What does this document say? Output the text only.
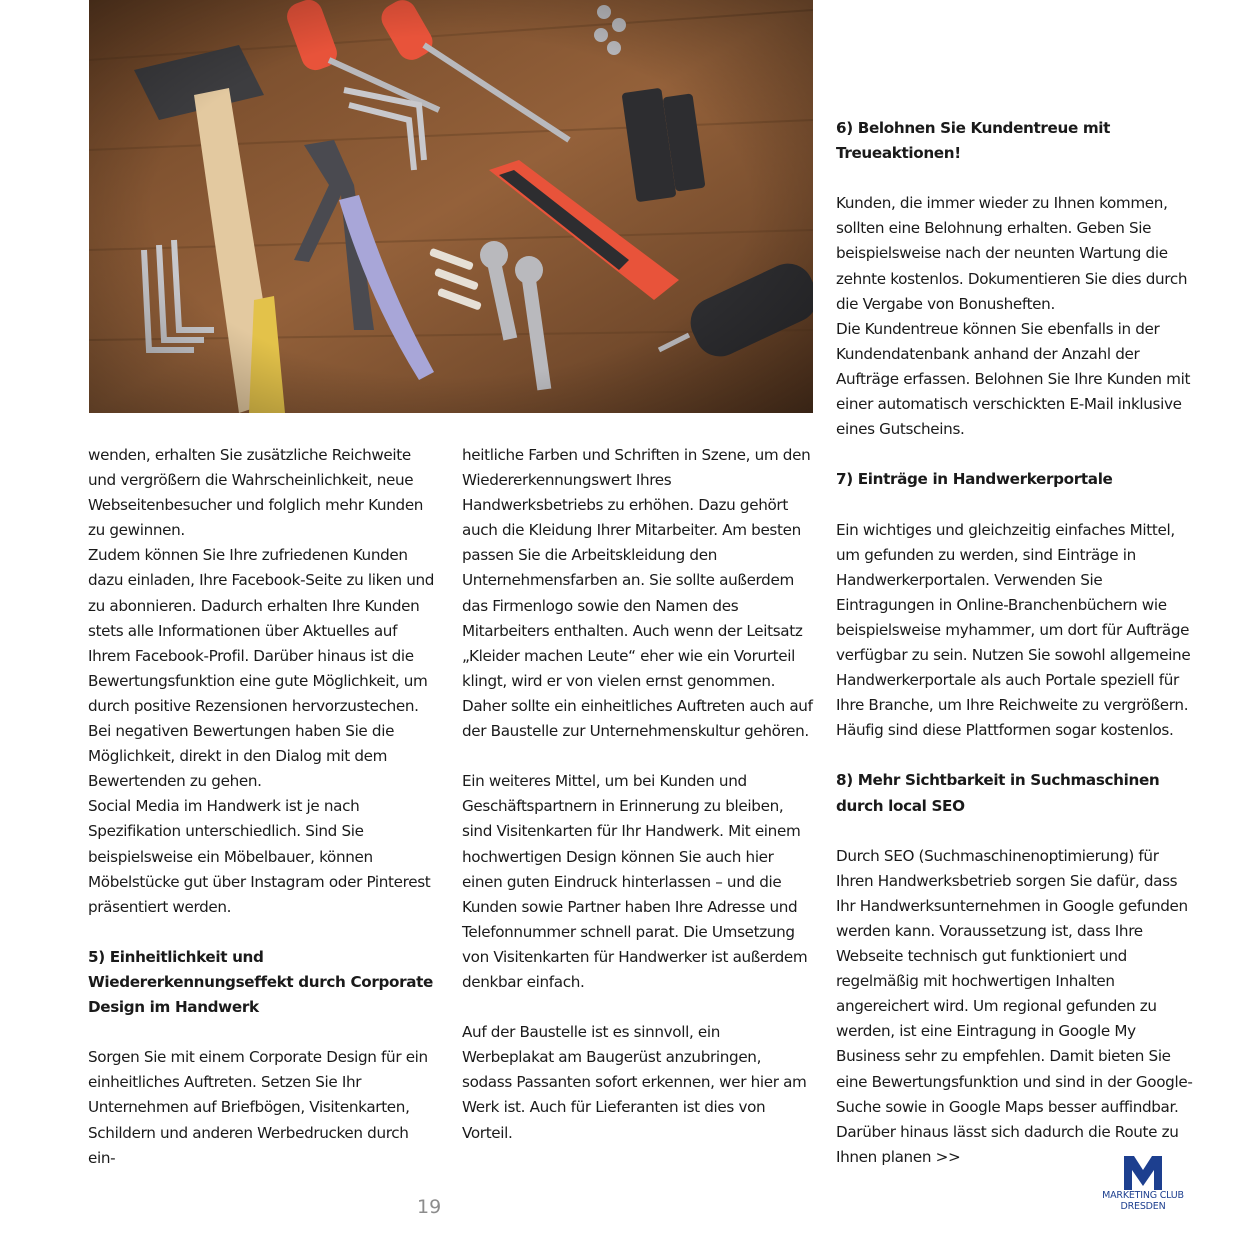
wenden, erhalten Sie zusätzliche Reichweite und vergrößern die Wahrscheinlichkeit, neue Webseitenbesucher und folglich mehr Kunden zu gewinnen.

Zudem können Sie Ihre zufriedenen Kunden dazu einladen, Ihre Facebook-Seite zu liken und zu abonnieren. Dadurch erhalten Ihre Kunden stets alle Informationen über Aktuelles auf Ihrem Facebook-Profil. Darüber hinaus ist die Bewertungsfunktion eine gute Möglichkeit, um durch positive Rezensionen hervorzustechen. Bei negativen Bewertungen haben Sie die Möglichkeit, direkt in den Dialog mit dem Bewertenden zu gehen.

Social Media im Handwerk ist je nach Spezifikation unterschiedlich. Sind Sie beispielsweise ein Möbelbauer, können Möbelstücke gut über Instagram oder Pinterest präsentiert werden.

5) Einheitlichkeit und Wiedererkennungseffekt durch Corporate Design im Handwerk

Sorgen Sie mit einem Corporate Design für ein einheitliches Auftreten. Setzen Sie Ihr Unternehmen auf Briefbögen, Visitenkarten, Schildern und anderen Werbedrucken durch ein-

heitliche Farben und Schriften in Szene, um den Wiedererkennungswert Ihres Handwerksbetriebs zu erhöhen. Dazu gehört auch die Kleidung Ihrer Mitarbeiter. Am besten passen Sie die Arbeitskleidung den Unternehmensfarben an. Sie sollte außerdem das Firmenlogo sowie den Namen des Mitarbeiters enthalten. Auch wenn der Leitsatz „Kleider machen Leute“ eher wie ein Vorurteil klingt, wird er von vielen ernst genommen. Daher sollte ein einheitliches Auftreten auch auf der Baustelle zur Unternehmenskultur gehören.

Ein weiteres Mittel, um bei Kunden und Geschäftspartnern in Erinnerung zu bleiben, sind Visitenkarten für Ihr Handwerk. Mit einem hochwertigen Design können Sie auch hier einen guten Eindruck hinterlassen – und die Kunden sowie Partner haben Ihre Adresse und Telefonnummer schnell parat. Die Umsetzung von Visitenkarten für Handwerker ist außerdem denkbar einfach.

Auf der Baustelle ist es sinnvoll, ein Werbeplakat am Baugerüst anzubringen, sodass Passanten sofort erkennen, wer hier am Werk ist. Auch für Lieferanten ist dies von Vorteil.

6) Belohnen Sie Kundentreue mit Treueaktionen!

Kunden, die immer wieder zu Ihnen kommen, sollten eine Belohnung erhalten. Geben Sie beispielsweise nach der neunten Wartung die zehnte kostenlos. Dokumentieren Sie dies durch die Vergabe von Bonusheften.

Die Kundentreue können Sie ebenfalls in der Kundendatenbank anhand der Anzahl der Aufträge erfassen. Belohnen Sie Ihre Kunden mit einer automatisch verschickten E-Mail inklusive eines Gutscheins.

7) Einträge in Handwerkerportale

Ein wichtiges und gleichzeitig einfaches Mittel, um gefunden zu werden, sind Einträge in Handwerkerportalen. Verwenden Sie Eintragungen in Online-Branchenbüchern wie beispielsweise myhammer, um dort für Aufträge verfügbar zu sein. Nutzen Sie sowohl allgemeine Handwerkerportale als auch Portale speziell für Ihre Branche, um Ihre Reichweite zu vergrößern. Häufig sind diese Plattformen sogar kostenlos.

8) Mehr Sichtbarkeit in Suchmaschinen durch local SEO

Durch SEO (Suchmaschinenoptimierung) für Ihren Handwerksbetrieb sorgen Sie dafür, dass Ihr Handwerksunternehmen in Google gefunden werden kann. Voraussetzung ist, dass Ihre Webseite technisch gut funktioniert und regelmäßig mit hochwertigen Inhalten angereichert wird. Um regional gefunden zu werden, ist eine Eintragung in Google My Business sehr zu empfehlen. Damit bieten Sie eine Bewertungsfunktion und sind in der Google-Suche sowie in Google Maps besser auffindbar. Darüber hinaus lässt sich dadurch die Route zu Ihnen planen >>

19
MARKETING CLUB
DRESDEN
